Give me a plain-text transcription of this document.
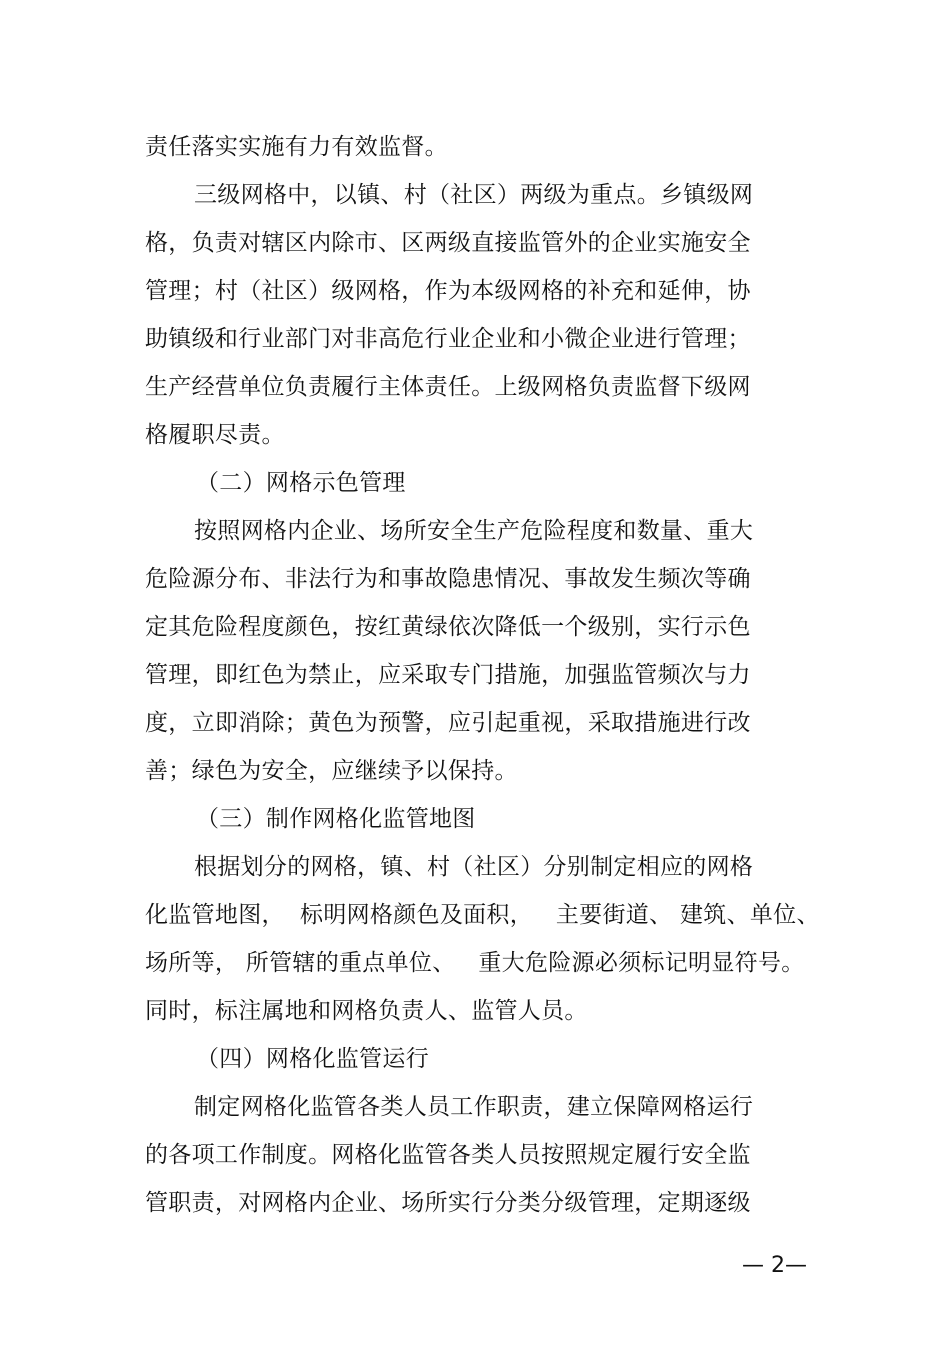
责任落实实施有力有效监督。
三级网格中，以镇、村（社区）两级为重点。乡镇级网
格，负责对辖区内除市、区两级直接监管外的企业实施安全
管理；村（社区）级网格，作为本级网格的补充和延伸，协
助镇级和行业部门对非高危行业企业和小微企业进行管理；
生产经营单位负责履行主体责任。上级网格负责监督下级网
格履职尽责。
（二）网格示色管理
按照网格内企业、场所安全生产危险程度和数量、重大
危险源分布、非法行为和事故隐患情况、事故发生频次等确
定其危险程度颜色，按红黄绿依次降低一个级别，实行示色
管理，即红色为禁止，应采取专门措施，加强监管频次与力
度，立即消除；黄色为预警，应引起重视，采取措施进行改
善；绿色为安全，应继续予以保持。
（三）制作网格化监管地图
根据划分的网格，镇、村（社区）分别制定相应的网格
化监管地图，  标明网格颜色及面积，   主要街道、 建筑、单位、
场所等， 所管辖的重点单位、   重大危险源必须标记明显符号。
同时，标注属地和网格负责人、监管人员。
（四）网格化监管运行
制定网格化监管各类人员工作职责，建立保障网格运行
的各项工作制度。网格化监管各类人员按照规定履行安全监
管职责，对网格内企业、场所实行分类分级管理，定期逐级
— 2—
